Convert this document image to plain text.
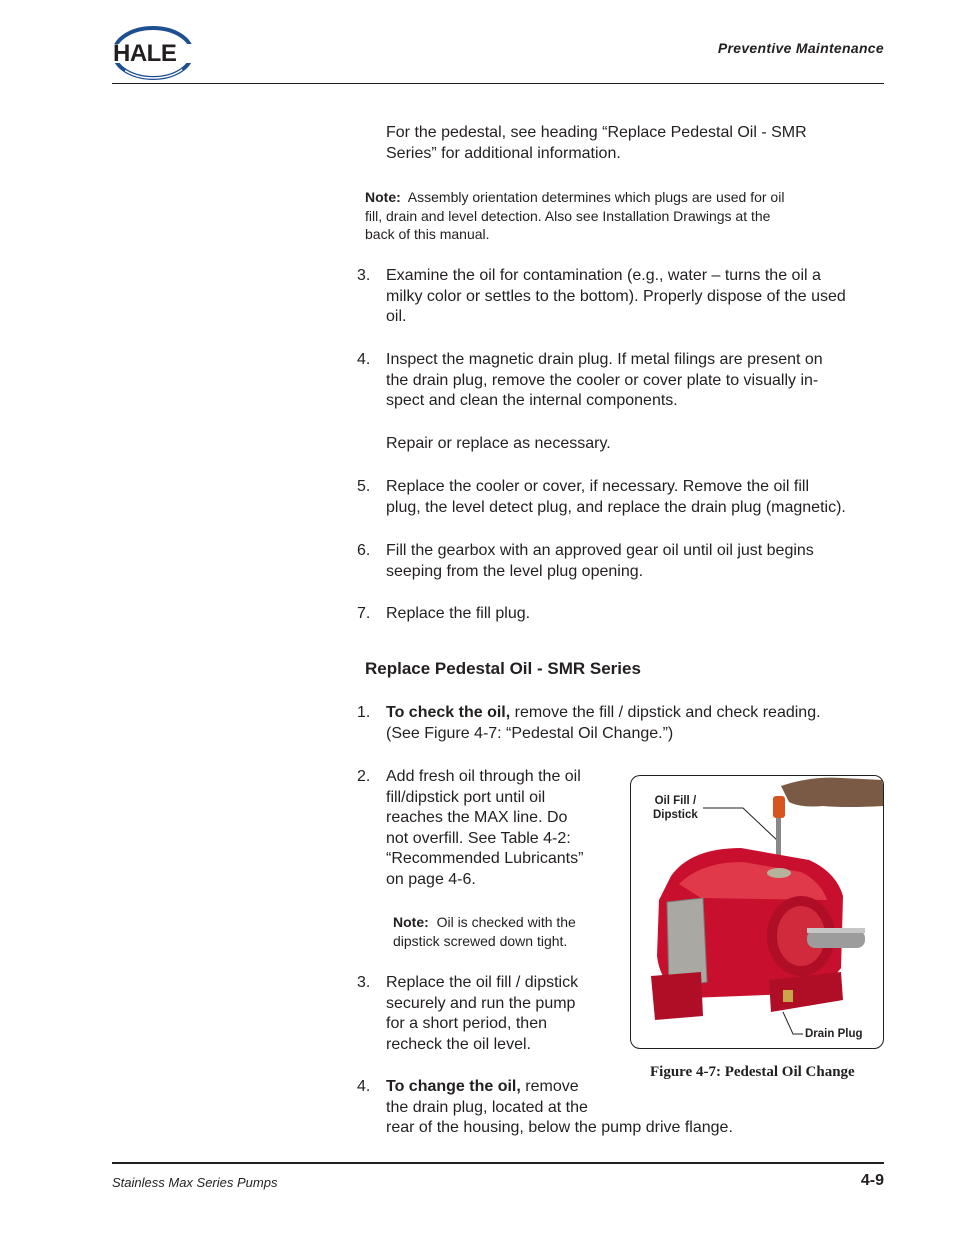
HALE	Preventive Maintenance
For the pedestal, see heading “Replace Pedestal Oil - SMR
Series” for additional information.
Note: Assembly orientation determines which plugs are used for oil
fill, drain and level detection. Also see Installation Drawings at the
back of this manual.
3. Examine the oil for contamination (e.g., water – turns the oil a
milky color or settles to the bottom). Properly dispose of the used
oil.
4. Inspect the magnetic drain plug. If metal filings are present on
the drain plug, remove the cooler or cover plate to visually in-
spect and clean the internal components.
Repair or replace as necessary.
5. Replace the cooler or cover, if necessary. Remove the oil fill
plug, the level detect plug, and replace the drain plug (magnetic).
6. Fill the gearbox with an approved gear oil until oil just begins
seeping from the level plug opening.
7. Replace the fill plug.
Replace Pedestal Oil - SMR Series
1. To check the oil, remove the fill / dipstick and check reading.
(See Figure 4-7: “Pedestal Oil Change.”)
2. Add fresh oil through the oil
fill/dipstick port until oil
reaches the MAX line. Do
not overfill. See Table 4-2:
“Recommended Lubricants”
on page 4-6.
Note: Oil is checked with the
dipstick screwed down tight.
3. Replace the oil fill / dipstick
securely and run the pump
for a short period, then
recheck the oil level.
4. To change the oil, remove
the drain plug, located at the
rear of the housing, below the pump drive flange.
Oil Fill /
Dipstick
Drain Plug
Figure 4-7: Pedestal Oil Change
Stainless Max Series Pumps	4-9
